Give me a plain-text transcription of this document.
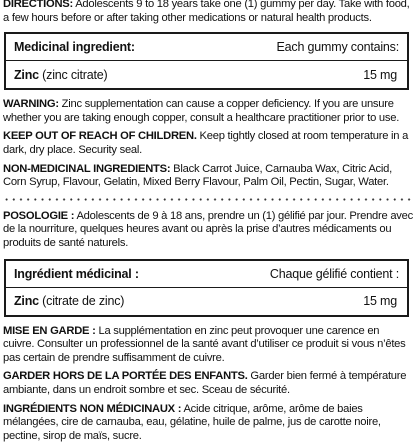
DIRECTIONS: Adolescents 9 to 18 years take one (1) gummy per day. Take with food, a few hours before or after taking other medications or natural health products.

Medicinal ingredient:	Each gummy contains:
Zinc (zinc citrate)	15 mg

WARNING: Zinc supplementation can cause a copper deficiency. If you are unsure whether you are taking enough copper, consult a healthcare practitioner prior to use.

KEEP OUT OF REACH OF CHILDREN. Keep tightly closed at room temperature in a dark, dry place. Security seal.

NON-MEDICINAL INGREDIENTS: Black Carrot Juice, Carnauba Wax, Citric Acid, Corn Syrup, Flavour, Gelatin, Mixed Berry Flavour, Palm Oil, Pectin, Sugar, Water.

POSOLOGIE : Adolescents de 9 à 18 ans, prendre un (1) gélifié par jour. Prendre avec de la nourriture, quelques heures avant ou après la prise d’autres médicaments ou produits de santé naturels.

Ingrédient médicinal :	Chaque gélifié contient :
Zinc (citrate de zinc)	15 mg

MISE EN GARDE : La supplémentation en zinc peut provoquer une carence en cuivre. Consulter un professionnel de la santé avant d’utiliser ce produit si vous n’êtes pas certain de prendre suffisamment de cuivre.

GARDER HORS DE LA PORTÉE DES ENFANTS. Garder bien fermé à température ambiante, dans un endroit sombre et sec. Sceau de sécurité.

INGRÉDIENTS NON MÉDICINAUX : Acide citrique, arôme, arôme de baies mélangées, cire de carnauba, eau, gélatine, huile de palme, jus de carotte noire, pectine, sirop de maïs, sucre.
